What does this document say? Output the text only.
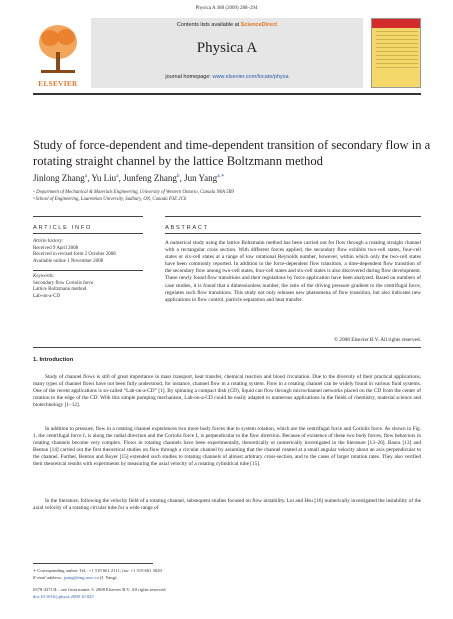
Physica A 388 (2009) 288–294
ELSEVIER
Contents lists available at ScienceDirect
Physica A
journal homepage: www.elsevier.com/locate/physa
Study of force-dependent and time-dependent transition of secondary flow in a rotating straight channel by the lattice Boltzmann method
Jinlong Zhang$^a$, Yu Liu$^a$, Junfeng Zhang$^b$, Jun Yang$^{a,∗}$
ᵃ Department of Mechanical & Materials Engineering, University of Western Ontario, Canada N6A 5B9
ᵇ School of Engineering, Laurentian University, Sudbury, ON, Canada P3E 2C6
ARTICLE INFO	ABSTRACT
Article history:
Received 9 April 2008
Received in revised form 2 October 2008
Available online 1 November 2008
Keywords:
Secondary flow Coriolis force
Lattice Boltzmann method
Lab-on-a-CD
A numerical study using the lattice Boltzmann method has been carried out for flow through a rotating straight channel with a rectangular cross section. With different forces applied, the secondary flow exhibits two-cell states, four-cell states or six-cell states at a range of low rotational Reynolds number, however, within which only the two-cell states have been commonly reported. In addition to the force-dependent flow transition, a time-dependent flow transition of the secondary flow among two-cell states, four-cell states and six-cell states is also discovered during flow development. These newly found flow transitions and their regulations by force application have been analyzed. Based on numbers of case studies, it is found that a dimensionless number, the ratio of the driving pressure gradient to the centrifugal force, regulates such flow transitions. This study not only releases new phenomena of flow transition, but also indicates new applications in flow control, particle separation and heat transfer.
© 2008 Elsevier B.V. All rights reserved.
1. Introduction
Study of channel flows is still of great importance in mass transport, heat transfer, chemical reaction and blood circulation. Due to the diversity of their practical applications, many types of channel flows have not been fully understood, for instance, channel flow in a rotating system. Flow in a rotating channel can be widely found in various fluid systems. One of the recent applications is so-called “Lab-on-a-CD” [1]. By spinning a compact disk (CD), liquid can flow through microchannel networks placed on the CD from the center of rotation to the edge of the CD. With this simple pumping mechanism, Lab-on-a-CD could be easily adapted to numerous applications in the fields of chemistry, material science and biotechnology [1–12].
In addition to pressure, flow in a rotating channel experiences two more body forces due to system rotation, which are the centrifugal force and Coriolis force. As shown in Fig. 1, the centrifugal force fᵥ is along the radial direction and the Coriolis force f꜀ is perpendicular to the flow direction. Because of existence of these two body forces, flow behaviors in rotating channels become very complex. Flows in rotating channels have been experimentally, theoretically or numerically investigated in the literature [13–20]. Baura [13] and Benton [14] carried out the first theoretical studies on flow through a circular channel by assuming that the channel rotated at a small angular velocity about an axis perpendicular to the channel. Further, Benton and Boyer [15] extended such studies to rotating channels of almost arbitrary cross-section, and to the cases of larger rotation rates. They also verified their theoretical results with experiments by measuring the axial velocity of a rotating cylindrical tube [15].
In the literature, following the velocity field of a rotating channel, subsequent studies focused on flow instability. Lei and Hsu [16] numerically investigated the instability of the axial velocity of a rotating circular tube for a wide range of
∗ Corresponding author. Tel.: +1 519 661 2111; fax: +1 519 661 3020.
E-mail address: jyang@eng.uwo.ca (J. Yang).
0378-4371/$ – see front matter © 2008 Elsevier B.V. All rights reserved.
doi:10.1016/j.physa.2008.10.025
